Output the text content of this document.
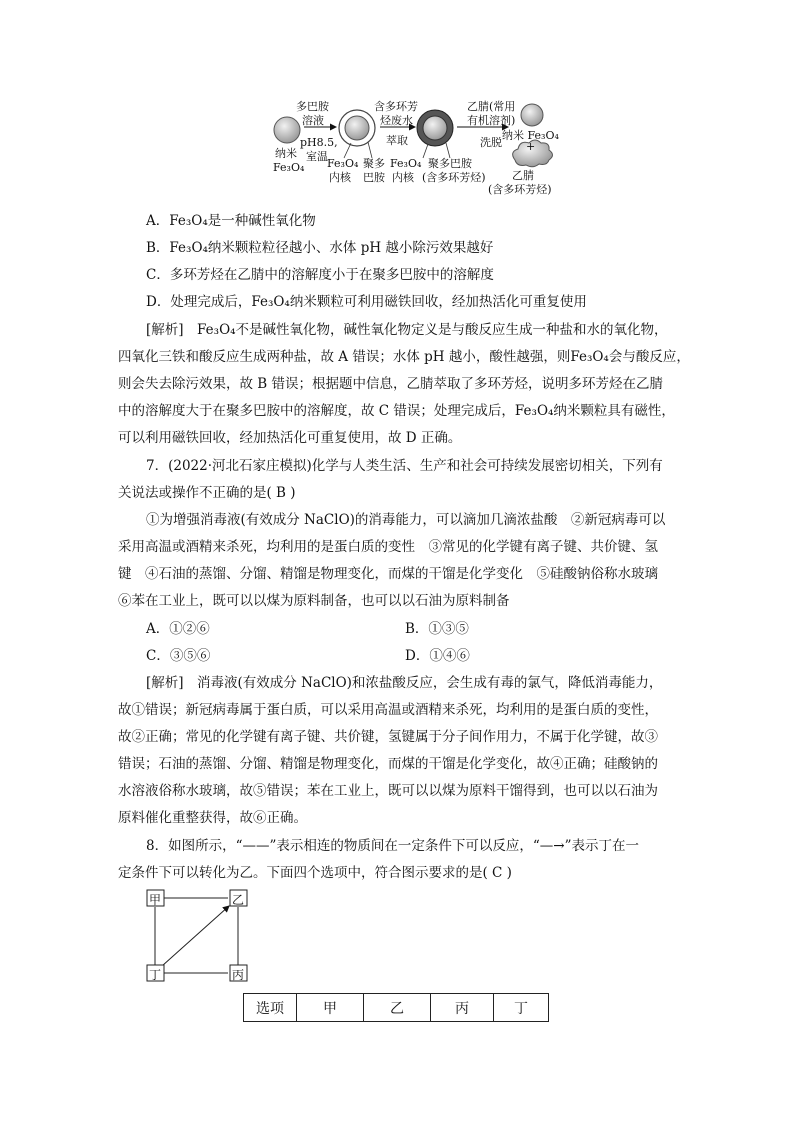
多巴胺
溶液
pH8.5,
室温
纳米
Fe₃O₄ Fe₃O₄
内核
聚多
巴胺
含多环芳
烃废水
萃取
Fe₃O₄
内核
聚多巴胺
(含多环芳烃)
乙腈(常用
有机溶剂)
洗脱
纳米 Fe₃O₄
+
乙腈
(含多环芳烃)
A．Fe₃O₄是一种碱性氧化物
B．Fe₃O₄纳米颗粒粒径越小、水体 pH 越小除污效果越好
C．多环芳烃在乙腈中的溶解度小于在聚多巴胺中的溶解度
D．处理完成后，Fe₃O₄纳米颗粒可利用磁铁回收，经加热活化可重复使用
[解析]　Fe₃O₄不是碱性氧化物，碱性氧化物定义是与酸反应生成一种盐和水的氧化物，
四氧化三铁和酸反应生成两种盐，故 A 错误；水体 pH 越小，酸性越强，则Fe₃O₄会与酸反应，
则会失去除污效果，故 B 错误；根据题中信息，乙腈萃取了多环芳烃，说明多环芳烃在乙腈
中的溶解度大于在聚多巴胺中的溶解度，故 C 错误；处理完成后，Fe₃O₄纳米颗粒具有磁性，
可以利用磁铁回收，经加热活化可重复使用，故 D 正确。
7．(2022·河北石家庄模拟)化学与人类生活、生产和社会可持续发展密切相关，下列有
关说法或操作不正确的是( B )
①为增强消毒液(有效成分 NaClO)的消毒能力，可以滴加几滴浓盐酸　②新冠病毒可以
采用高温或酒精来杀死，均利用的是蛋白质的变性　③常见的化学键有离子键、共价键、氢
键　④石油的蒸馏、分馏、精馏是物理变化，而煤的干馏是化学变化　⑤硅酸钠俗称水玻璃
⑥苯在工业上，既可以以煤为原料制备，也可以以石油为原料制备
A．①②⑥	B．①③⑤
C．③⑤⑥	D．①④⑥
[解析]　消毒液(有效成分 NaClO)和浓盐酸反应，会生成有毒的氯气，降低消毒能力，
故①错误；新冠病毒属于蛋白质，可以采用高温或酒精来杀死，均利用的是蛋白质的变性，
故②正确；常见的化学键有离子键、共价键，氢键属于分子间作用力，不属于化学键，故③
错误；石油的蒸馏、分馏、精馏是物理变化，而煤的干馏是化学变化，故④正确；硅酸钠的
水溶液俗称水玻璃，故⑤错误；苯在工业上，既可以以煤为原料干馏得到，也可以以石油为
原料催化重整获得，故⑥正确。
8．如图所示，“——”表示相连的物质间在一定条件下可以反应，“—→”表示丁在一
定条件下可以转化为乙。下面四个选项中，符合图示要求的是( C )
甲	乙
丁	丙
选项	甲	乙	丙	丁
